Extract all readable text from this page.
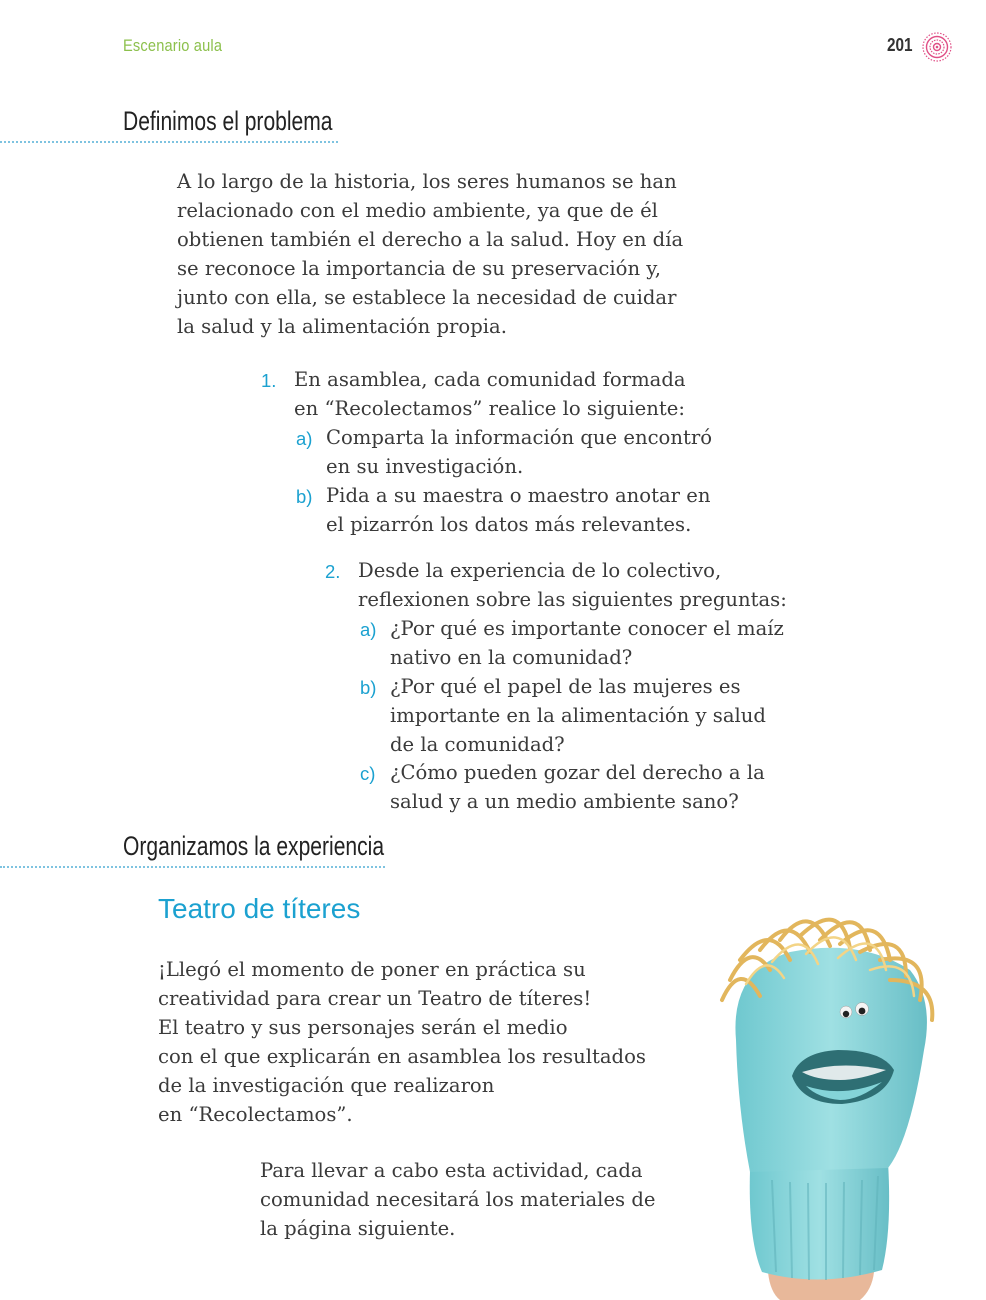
Escenario aula	201
Definimos el problema

A lo largo de la historia, los seres humanos se han

relacionado con el medio ambiente, ya que de él

obtienen también el derecho a la salud. Hoy en día

se reconoce la importancia de su preservación y,

junto con ella, se establece la necesidad de cuidar

la salud y la alimentación propia.

1. En asamblea, cada comunidad formada
en “Recolectamos” realice lo siguiente:
a) Comparta la información que encontró
en su investigación.
b) Pida a su maestra o maestro anotar en
el pizarrón los datos más relevantes.
2. Desde la experiencia de lo colectivo,
reflexionen sobre las siguientes preguntas:
a) ¿Por qué es importante conocer el maíz
nativo en la comunidad?
b) ¿Por qué el papel de las mujeres es
importante en la alimentación y salud
de la comunidad?
c) ¿Cómo pueden gozar del derecho a la
salud y a un medio ambiente sano?
Organizamos la experiencia
Teatro de títeres

¡Llegó el momento de poner en práctica su

creatividad para crear un Teatro de títeres!

El teatro y sus personajes serán el medio

con el que explicarán en asamblea los resultados

de la investigación que realizaron

en “Recolectamos”.

Para llevar a cabo esta actividad, cada

comunidad necesitará los materiales de

la página siguiente.
